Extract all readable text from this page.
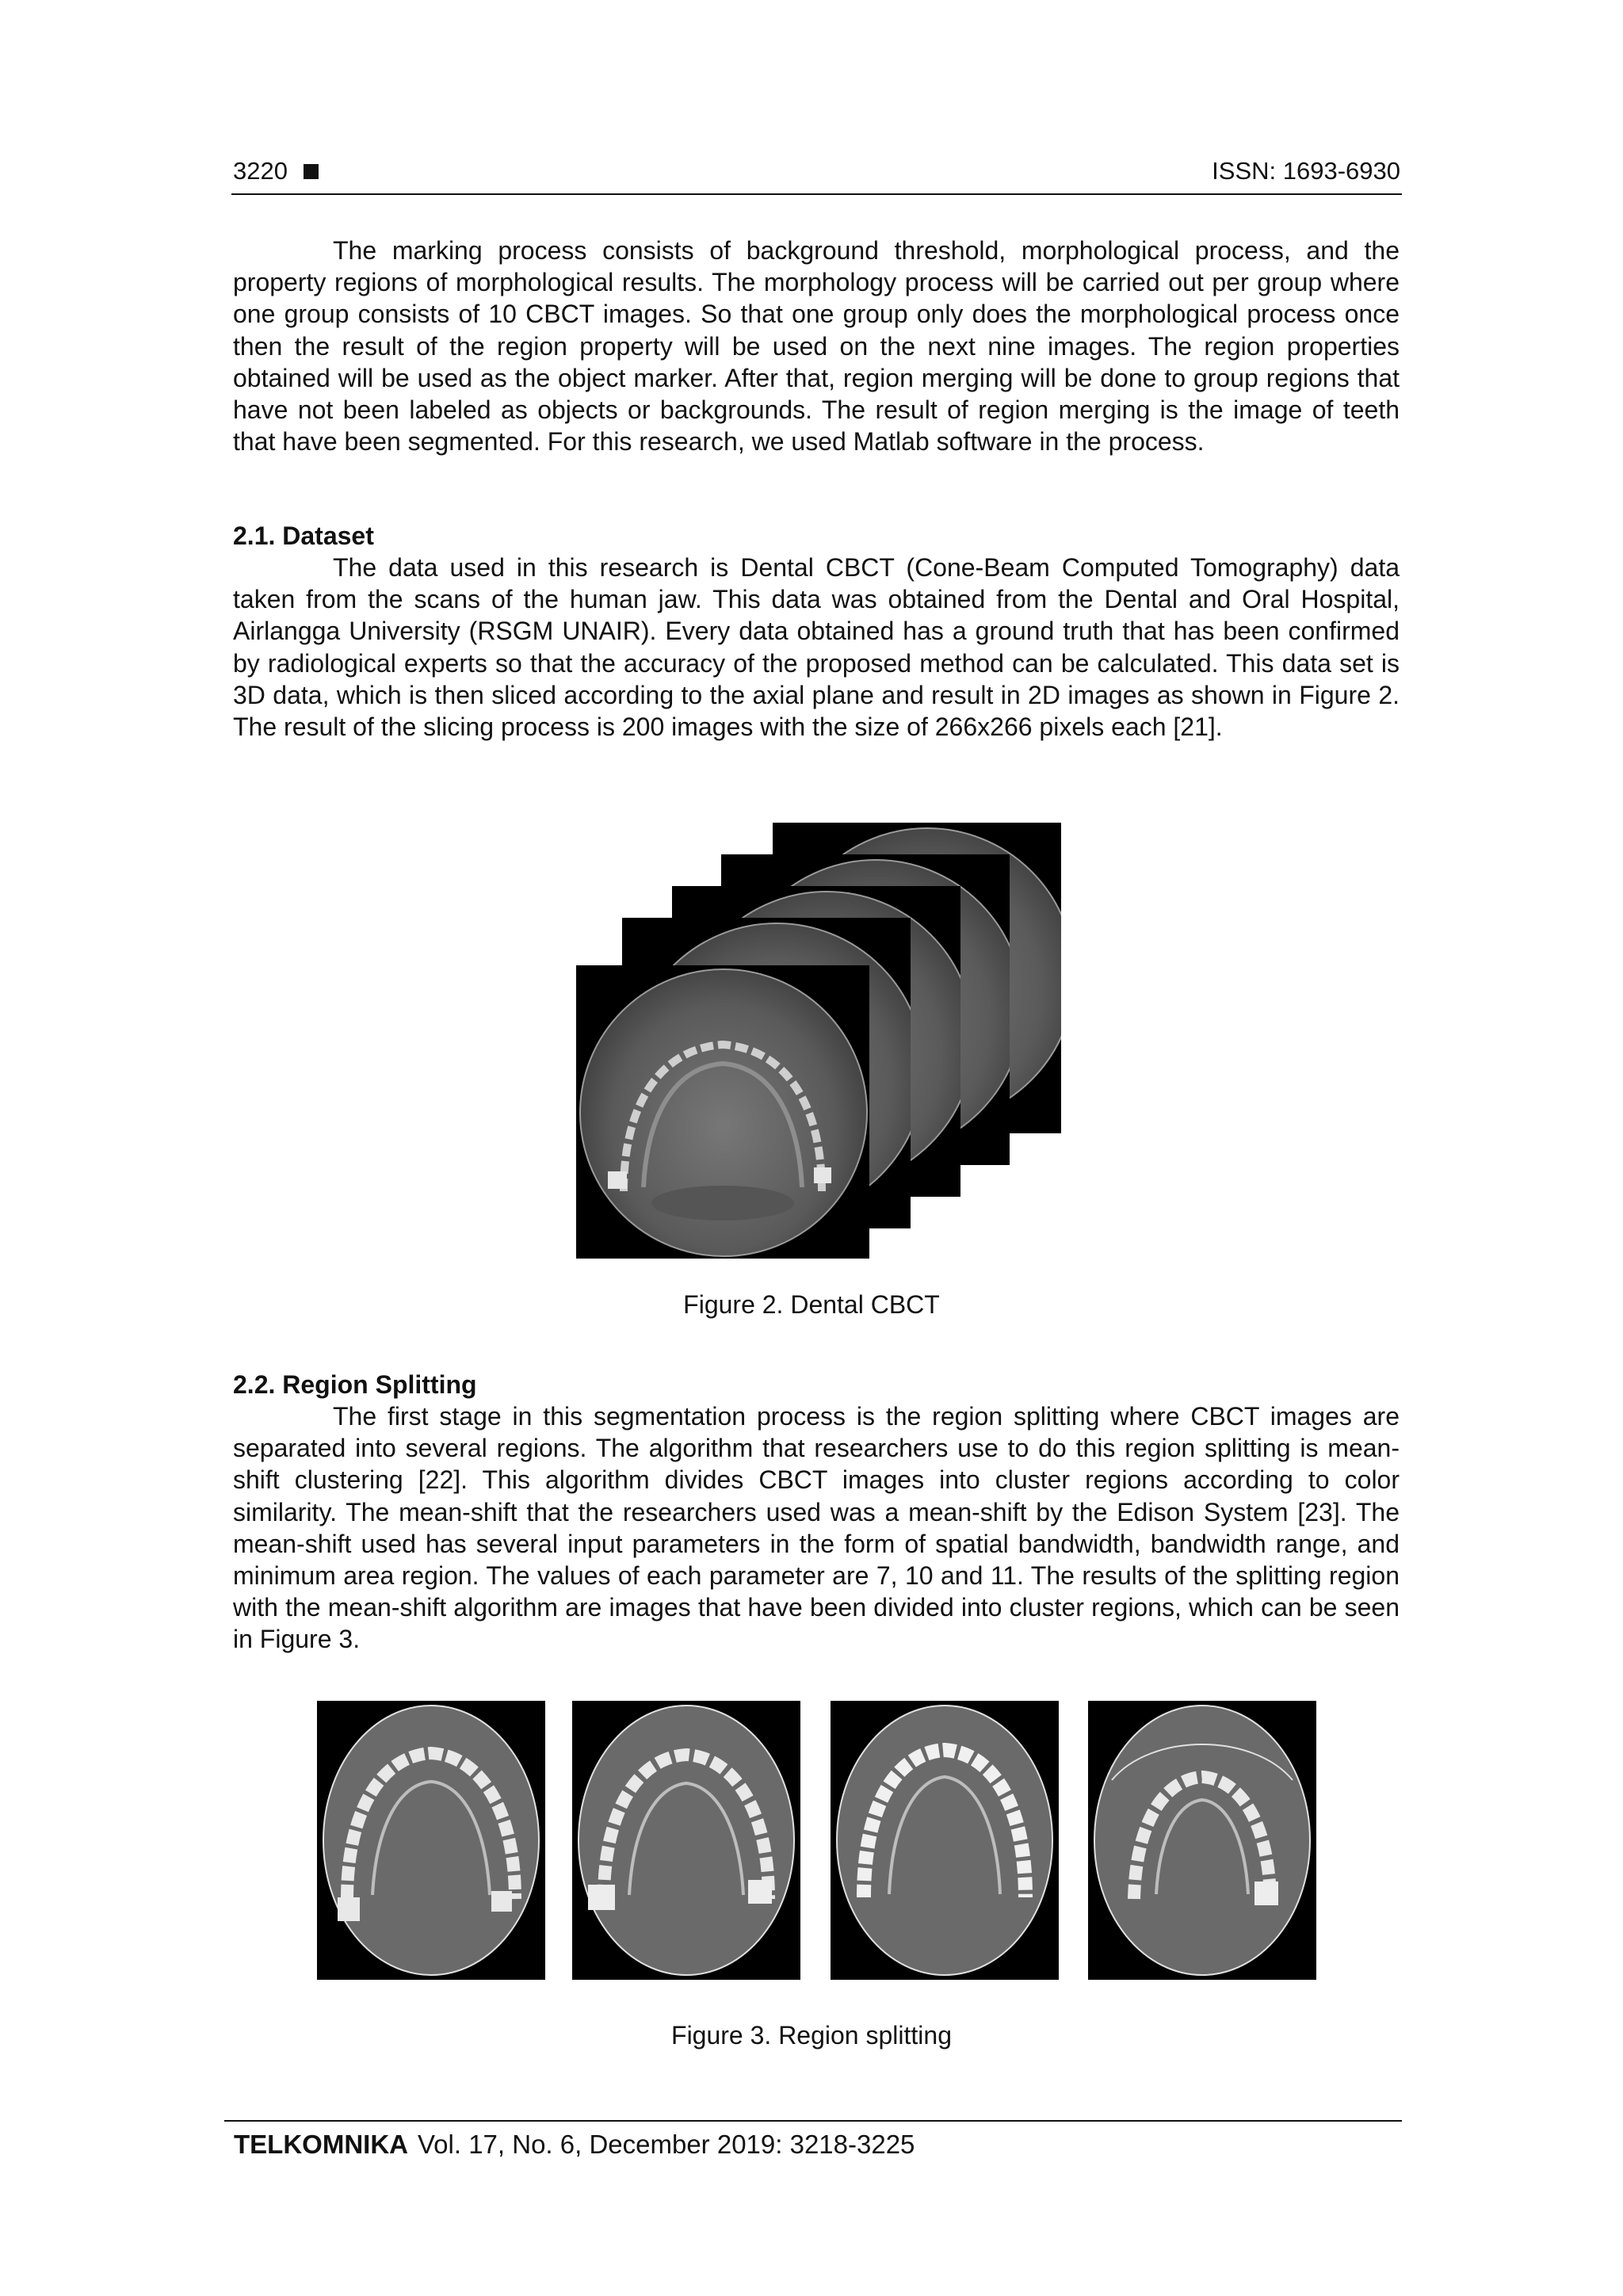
3220	ISSN: 1693-6930

The marking process consists of background threshold, morphological process, and the property regions of morphological results. The morphology process will be carried out per group where one group consists of 10 CBCT images. So that one group only does the morphological process once then the result of the region property will be used on the next nine images. The region properties obtained will be used as the object marker. After that, region merging will be done to group regions that have not been labeled as objects or backgrounds. The result of region merging is the image of teeth that have been segmented. For this research, we used Matlab software in the process.

2.1. Dataset

The data used in this research is Dental CBCT (Cone-Beam Computed Tomography) data taken from the scans of the human jaw. This data was obtained from the Dental and Oral Hospital, Airlangga University (RSGM UNAIR). Every data obtained has a ground truth that has been confirmed by radiological experts so that the accuracy of the proposed method can be calculated. This data set is 3D data, which is then sliced according to the axial plane and result in 2D images as shown in Figure 2. The result of the slicing process is 200 images with the size of 266x266 pixels each [21].

Figure 2. Dental CBCT
2.2. Region Splitting

The first stage in this segmentation process is the region splitting where CBCT images are separated into several regions. The algorithm that researchers use to do this region splitting is mean-shift clustering [22]. This algorithm divides CBCT images into cluster regions according to color similarity. The mean-shift that the researchers used was a mean-shift by the Edison System [23]. The mean-shift used has several input parameters in the form of spatial bandwidth, bandwidth range, and minimum area region. The values of each parameter are 7, 10 and 11. The results of the splitting region with the mean-shift algorithm are images that have been divided into cluster regions, which can be seen in Figure 3.

Figure 3. Region splitting
TELKOMNIKA Vol. 17, No. 6, December 2019: 3218-3225
